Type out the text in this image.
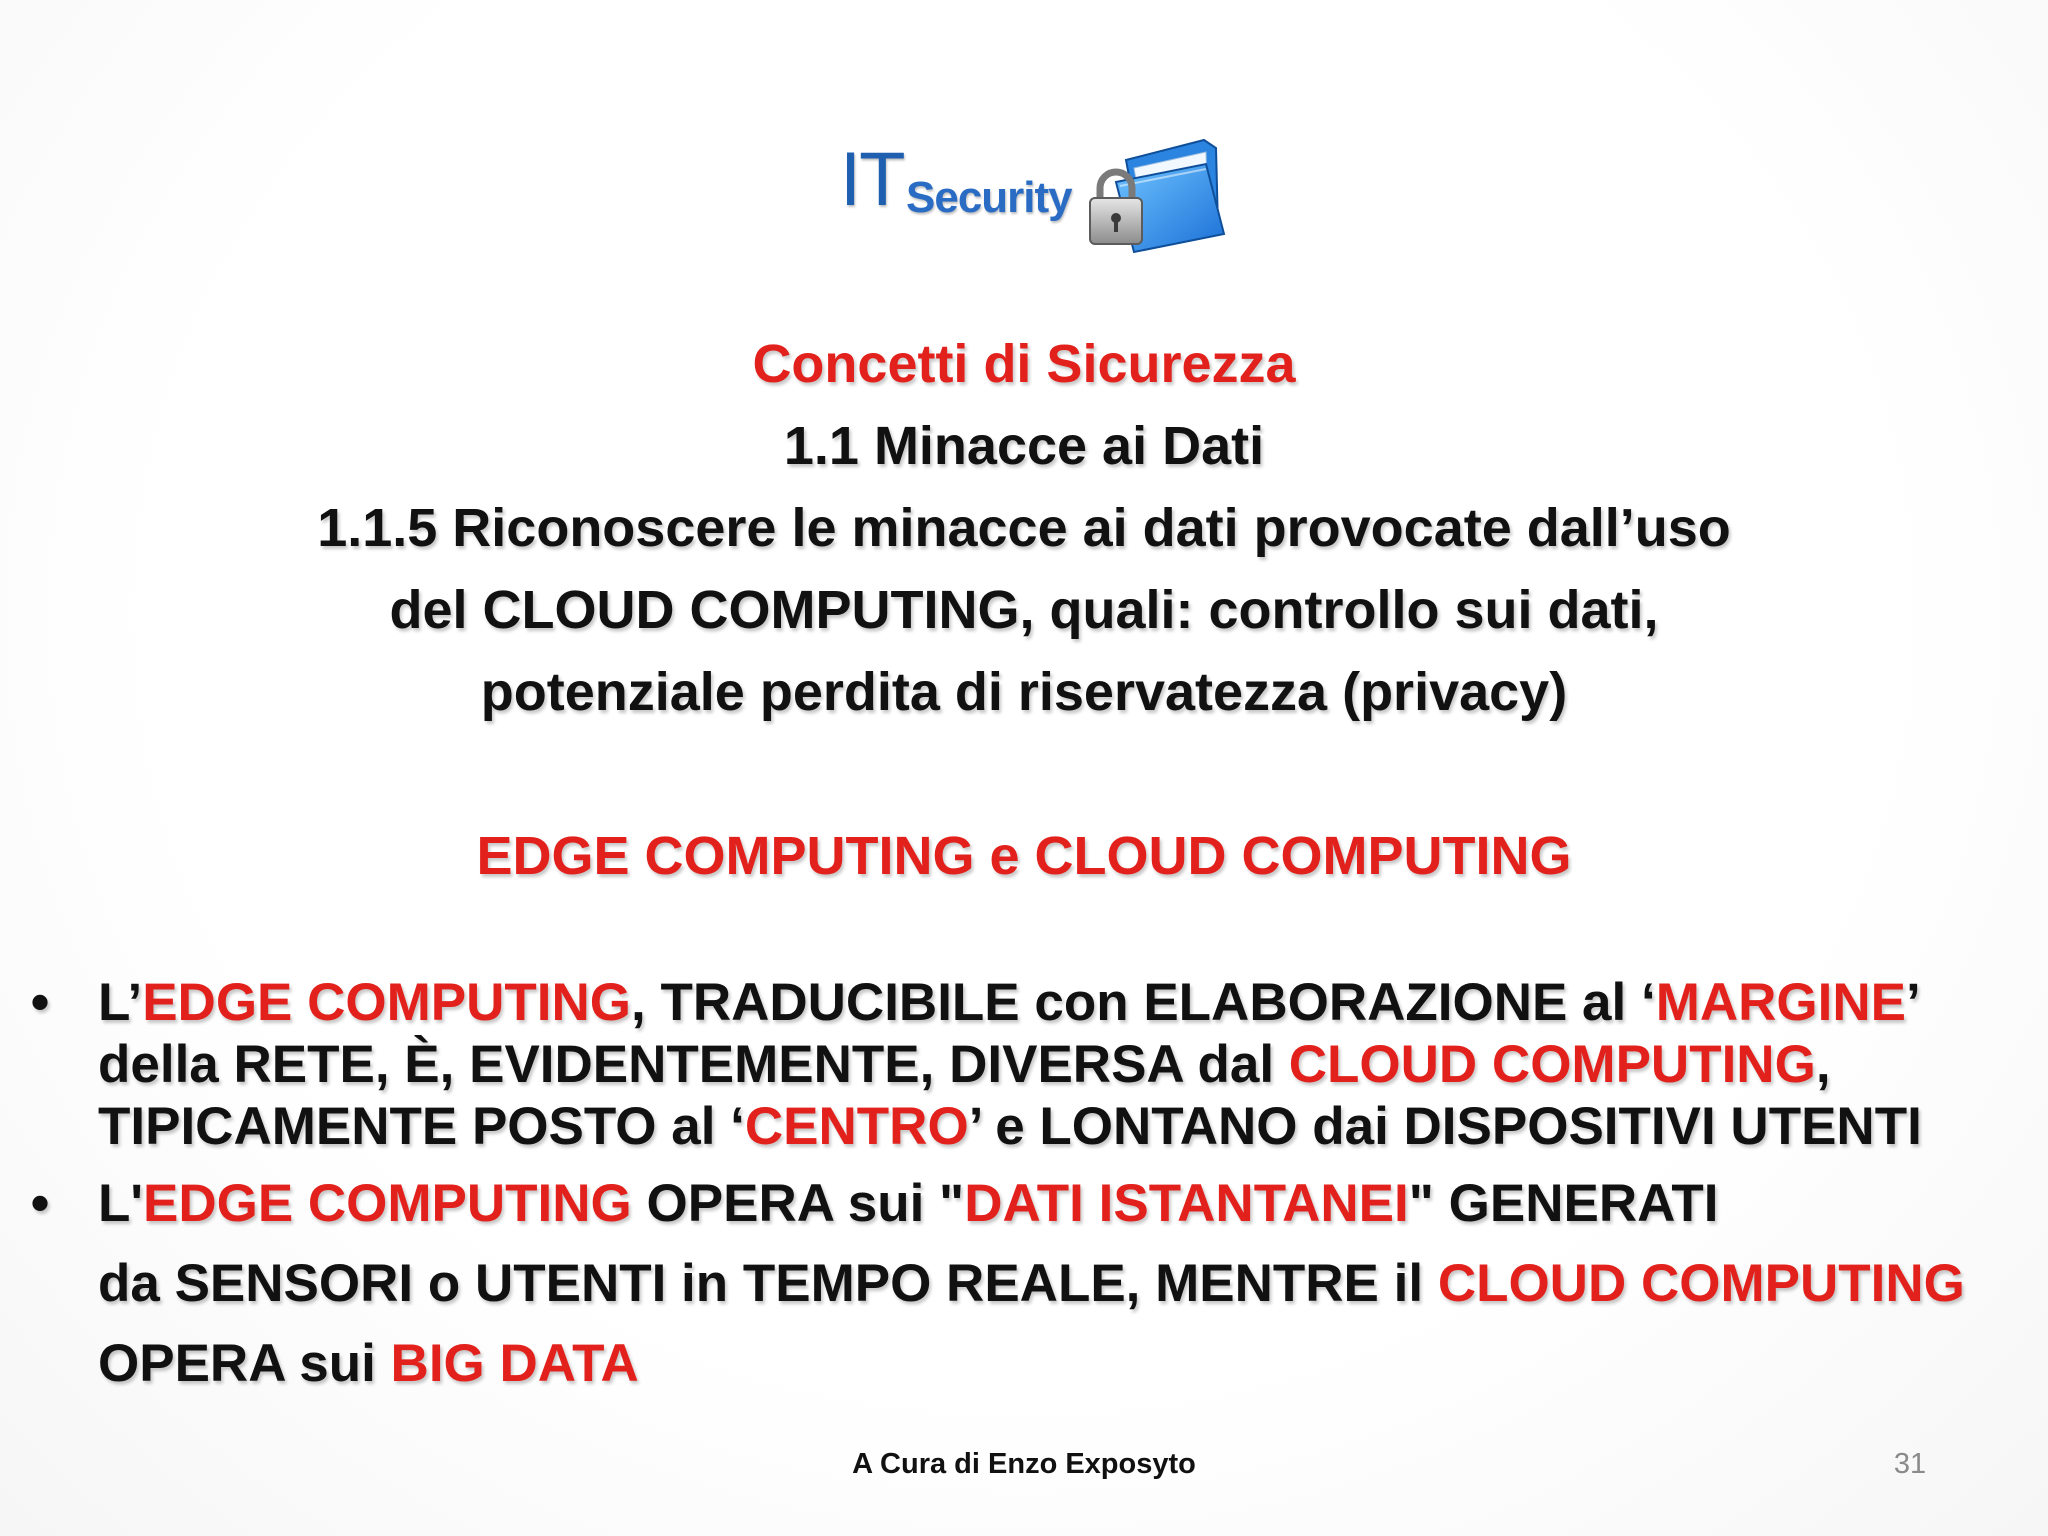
IT Security
Concetti di Sicurezza
1.1 Minacce ai Dati
1.1.5 Riconoscere le minacce ai dati provocate dall’uso
del CLOUD COMPUTING, quali: controllo sui dati,
potenziale perdita di riservatezza (privacy)
EDGE COMPUTING e CLOUD COMPUTING
• L’EDGE COMPUTING, TRADUCIBILE con ELABORAZIONE al ‘MARGINE’
della RETE, È, EVIDENTEMENTE, DIVERSA dal CLOUD COMPUTING,
TIPICAMENTE POSTO al ‘CENTRO’ e LONTANO dai DISPOSITIVI UTENTI
• L'EDGE COMPUTING OPERA sui "DATI ISTANTANEI" GENERATI
da SENSORI o UTENTI in TEMPO REALE, MENTRE il CLOUD COMPUTING
OPERA sui BIG DATA
A Cura di Enzo Exposyto	31
